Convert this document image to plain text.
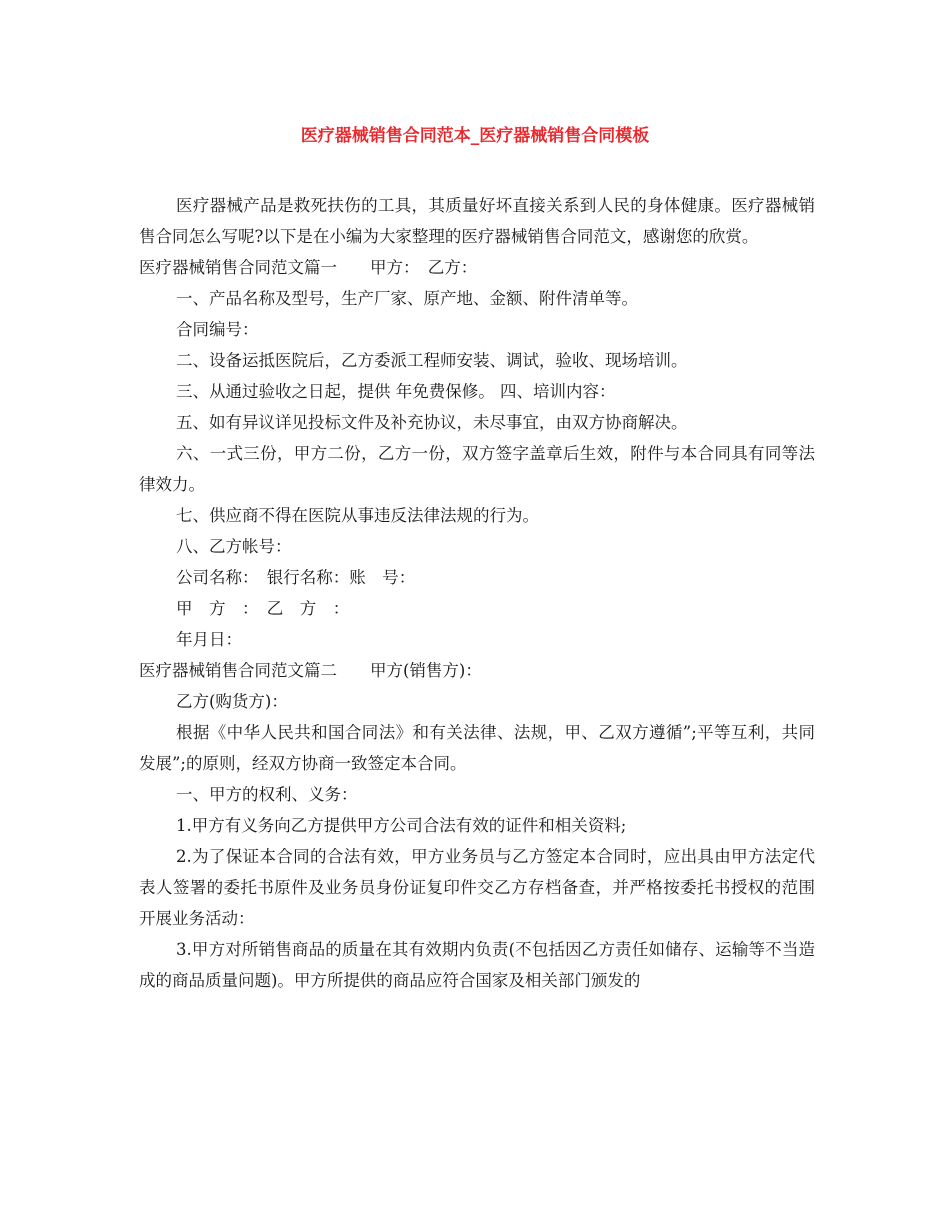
医疗器械销售合同范本_医疗器械销售合同模板

医疗器械产品是救死扶伤的工具，其质量好坏直接关系到人民的身体健康。医疗器械销售合同怎么写呢?以下是在小编为大家整理的医疗器械销售合同范文，感谢您的欣赏。

医疗器械销售合同范文篇一　　甲方：　乙方：

一、产品名称及型号，生产厂家、原产地、金额、附件清单等。

合同编号：

二、设备运抵医院后，乙方委派工程师安装、调试，验收、现场培训。

三、从通过验收之日起，提供 年免费保修。 四、培训内容：

五、如有异议详见投标文件及补充协议，未尽事宜，由双方协商解决。

六、一式三份，甲方二份，乙方一份，双方签字盖章后生效，附件与本合同具有同等法律效力。

七、供应商不得在医院从事违反法律法规的行为。

八、乙方帐号：

公司名称：　银行名称：账　号：

甲　方　：　乙　方　：

年月日：

医疗器械销售合同范文篇二　　甲方(销售方)：

乙方(购货方)：

根据《中华人民共和国合同法》和有关法律、法规，甲、乙双方遵循”;平等互利，共同发展”;的原则，经双方协商一致签定本合同。

一、甲方的权利、义务：

1.甲方有义务向乙方提供甲方公司合法有效的证件和相关资料;

2.为了保证本合同的合法有效，甲方业务员与乙方签定本合同时，应出具由甲方法定代表人签署的委托书原件及业务员身份证复印件交乙方存档备查，并严格按委托书授权的范围开展业务活动：

3.甲方对所销售商品的质量在其有效期内负责(不包括因乙方责任如储存、运输等不当造成的商品质量问题)。甲方所提供的商品应符合国家及相关部门颁发的
